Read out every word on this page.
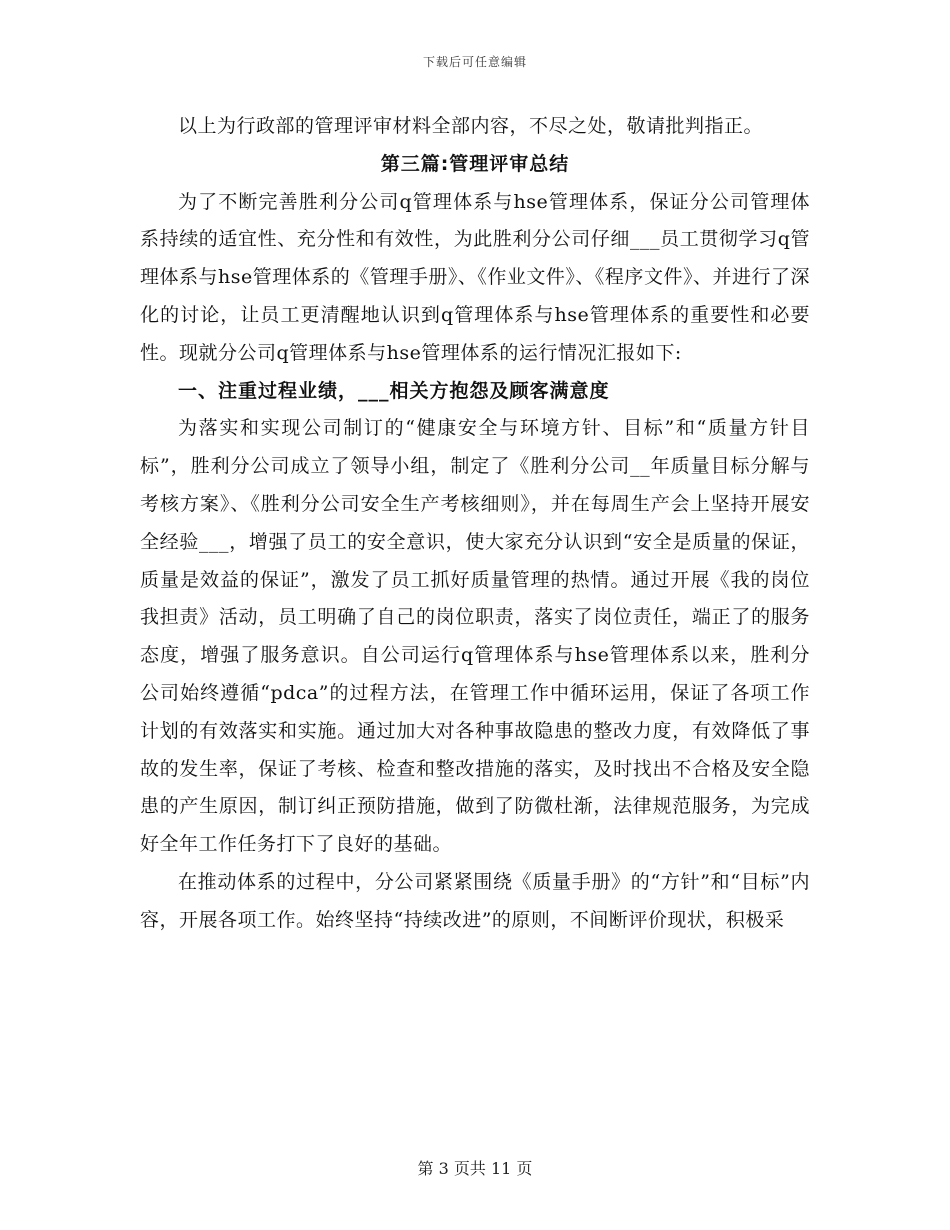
下载后可任意编辑

以上为行政部的管理评审材料全部内容，不尽之处，敬请批判指正。

第三篇:管理评审总结

为了不断完善胜利分公司q管理体系与hse管理体系，保证分公司管理体系持续的适宜性、充分性和有效性，为此胜利分公司仔细___员工贯彻学习q管理体系与hse管理体系的《管理手册》、《作业文件》、《程序文件》、并进行了深化的讨论，让员工更清醒地认识到q管理体系与hse管理体系的重要性和必要性。现就分公司q管理体系与hse管理体系的运行情况汇报如下:

一、注重过程业绩，___相关方抱怨及顾客满意度

为落实和实现公司制订的“健康安全与环境方针、目标”和“质量方针目标”，胜利分公司成立了领导小组，制定了《胜利分公司__年质量目标分解与考核方案》、《胜利分公司安全生产考核细则》，并在每周生产会上坚持开展安全经验___，增强了员工的安全意识，使大家充分认识到“安全是质量的保证，质量是效益的保证”，激发了员工抓好质量管理的热情。通过开展《我的岗位我担责》活动，员工明确了自己的岗位职责，落实了岗位责任，端正了的服务态度，增强了服务意识。自公司运行q管理体系与hse管理体系以来，胜利分公司始终遵循“pdca”的过程方法，在管理工作中循环运用，保证了各项工作计划的有效落实和实施。通过加大对各种事故隐患的整改力度，有效降低了事故的发生率，保证了考核、检查和整改措施的落实，及时找出不合格及安全隐患的产生原因，制订纠正预防措施，做到了防微杜渐，法律规范服务，为完成好全年工作任务打下了良好的基础。

在推动体系的过程中，分公司紧紧围绕《质量手册》的“方针”和“目标”内容，开展各项工作。始终坚持“持续改进”的原则，不间断评价现状，积极采

第 3 页共 11 页
